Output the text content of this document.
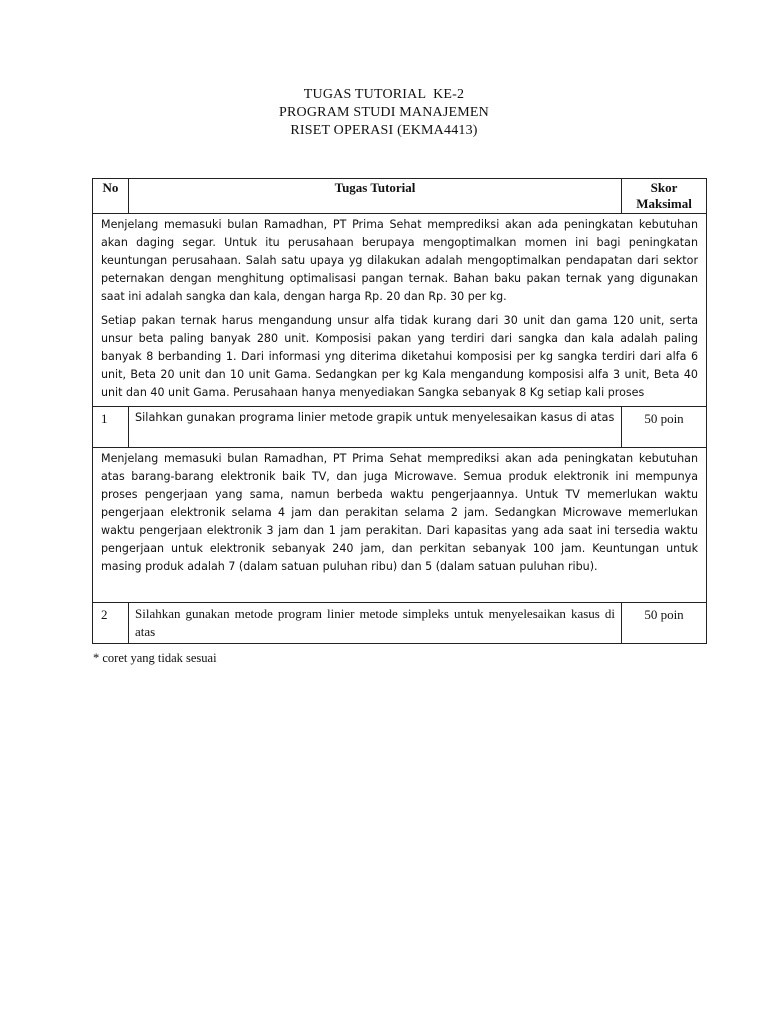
TUGAS TUTORIAL  KE-2
PROGRAM STUDI MANAJEMEN
RISET OPERASI (EKMA4413)
No	Tugas Tutorial	Skor
Maksimal

Menjelang memasuki bulan Ramadhan, PT Prima Sehat memprediksi akan ada peningkatan kebutuhan akan daging segar. Untuk itu perusahaan berupaya mengoptimalkan momen ini bagi peningkatan keuntungan perusahaan. Salah satu upaya yg dilakukan adalah mengoptimalkan pendapatan dari sektor peternakan dengan menghitung optimalisasi pangan ternak. Bahan baku pakan ternak yang digunakan saat ini adalah sangka dan kala, dengan harga Rp. 20 dan Rp. 30 per kg.

Setiap pakan ternak harus mengandung unsur alfa tidak kurang dari 30 unit dan gama 120 unit, serta unsur beta paling banyak 280 unit. Komposisi pakan yang terdiri dari sangka dan kala adalah paling banyak 8 berbanding 1. Dari informasi yng diterima diketahui komposisi per kg sangka terdiri dari alfa 6 unit, Beta 20 unit dan 10 unit Gama. Sedangkan per kg Kala mengandung komposisi alfa 3 unit, Beta 40 unit dan 40 unit Gama. Perusahaan hanya menyediakan Sangka sebanyak 8 Kg setiap kali proses		

1	Silahkan gunakan programa linier metode grapik untuk menyelesaikan kasus di atas	50 poin

Menjelang memasuki bulan Ramadhan, PT Prima Sehat memprediksi akan ada peningkatan kebutuhan atas barang-barang elektronik baik TV, dan juga Microwave. Semua produk elektronik ini mempunya proses pengerjaan yang sama, namun berbeda waktu pengerjaannya. Untuk TV memerlukan waktu pengerjaan elektronik selama 4 jam dan perakitan selama 2 jam. Sedangkan Microwave memerlukan waktu pengerjaan elektronik 3 jam dan 1 jam perakitan. Dari kapasitas yang ada saat ini tersedia waktu pengerjaan untuk elektronik sebanyak 240 jam, dan perkitan sebanyak 100 jam. Keuntungan untuk masing produk adalah 7 (dalam satuan puluhan ribu) dan 5 (dalam satuan puluhan ribu).		

2	Silahkan gunakan metode program linier metode simpleks untuk menyelesaikan kasus di atas	50 poin
* coret yang tidak sesuai
